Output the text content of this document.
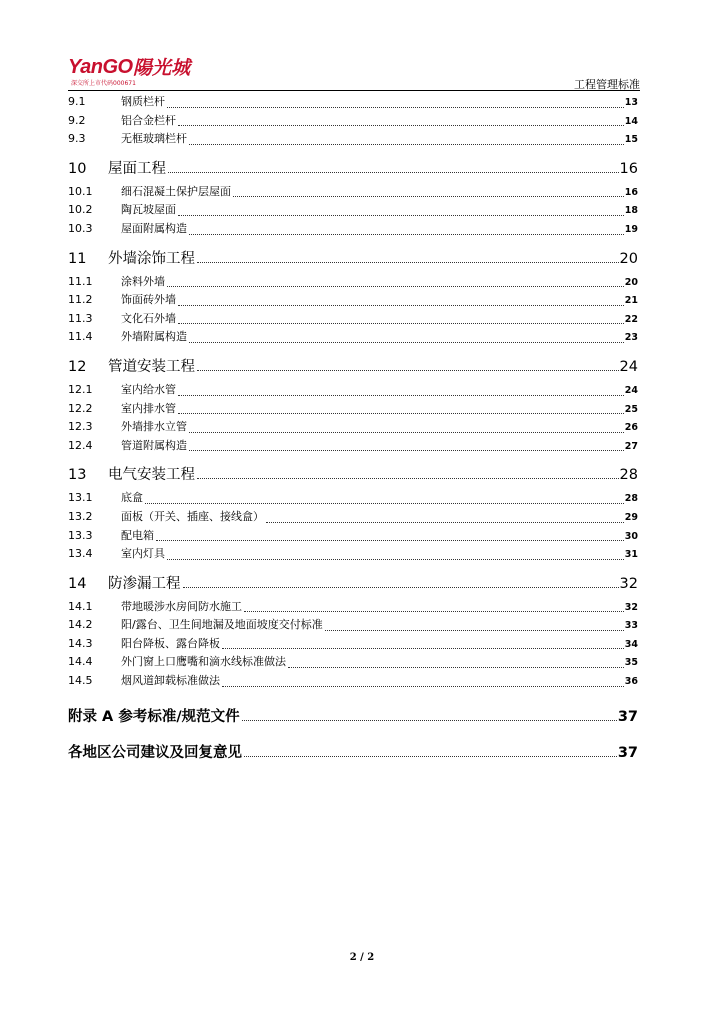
YanGO 陽光城
深交所上市代码000671	工程管理标准
9.1	钢质栏杆	13
9.2	铝合金栏杆	14
9.3	无框玻璃栏杆	15
10	屋面工程	16
10.1	细石混凝土保护层屋面	16
10.2	陶瓦坡屋面	18
10.3	屋面附属构造	19
11	外墙涂饰工程	20
11.1	涂料外墙	20
11.2	饰面砖外墙	21
11.3	文化石外墙	22
11.4	外墙附属构造	23
12	管道安装工程	24
12.1	室内给水管	24
12.2	室内排水管	25
12.3	外墙排水立管	26
12.4	管道附属构造	27
13	电气安装工程	28
13.1	底盒	28
13.2	面板（开关、插座、接线盒）	29
13.3	配电箱	30
13.4	室内灯具	31
14	防渗漏工程	32
14.1	带地暖涉水房间防水施工	32
14.2	阳/露台、卫生间地漏及地面坡度交付标准	33
14.3	阳台降板、露台降板	34
14.4	外门窗上口鹰嘴和滴水线标准做法	35
14.5	烟风道卸载标准做法	36
附录 A 参考标准/规范文件	37
各地区公司建议及回复意见	37
2 / 2
